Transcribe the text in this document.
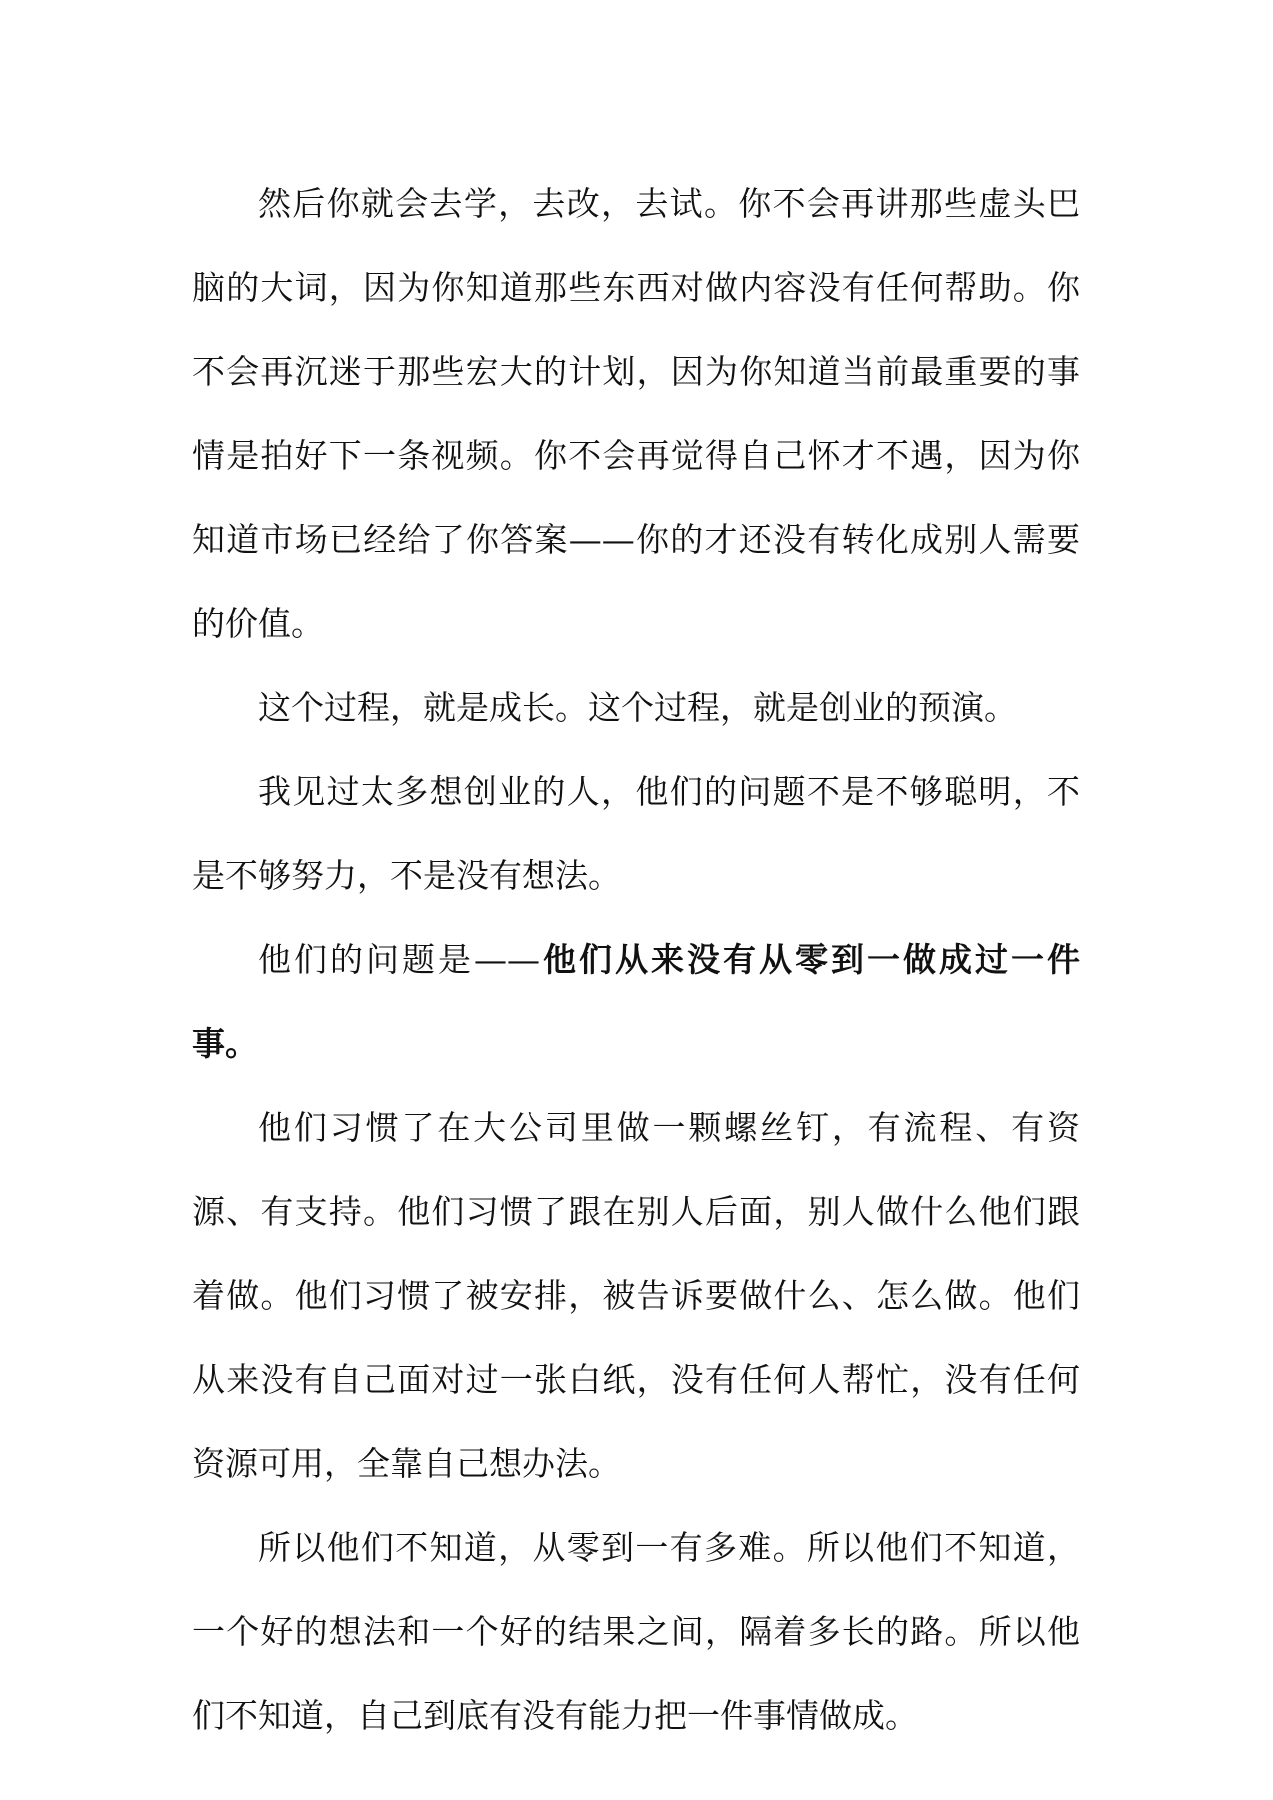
然后你就会去学，去改，去试。你不会再讲那些虚头巴脑的大词，因为你知道那些东西对做内容没有任何帮助。你不会再沉迷于那些宏大的计划，因为你知道当前最重要的事情是拍好下一条视频。你不会再觉得自己怀才不遇，因为你知道市场已经给了你答案——你的才还没有转化成别人需要的价值。

这个过程，就是成长。这个过程，就是创业的预演。

我见过太多想创业的人，他们的问题不是不够聪明，不是不够努力，不是没有想法。

他们的问题是——他们从来没有从零到一做成过一件事。

他们习惯了在大公司里做一颗螺丝钉，有流程、有资源、有支持。他们习惯了跟在别人后面，别人做什么他们跟着做。他们习惯了被安排，被告诉要做什么、怎么做。他们从来没有自己面对过一张白纸，没有任何人帮忙，没有任何资源可用，全靠自己想办法。

所以他们不知道，从零到一有多难。所以他们不知道，一个好的想法和一个好的结果之间，隔着多长的路。所以他们不知道，自己到底有没有能力把一件事情做成。
